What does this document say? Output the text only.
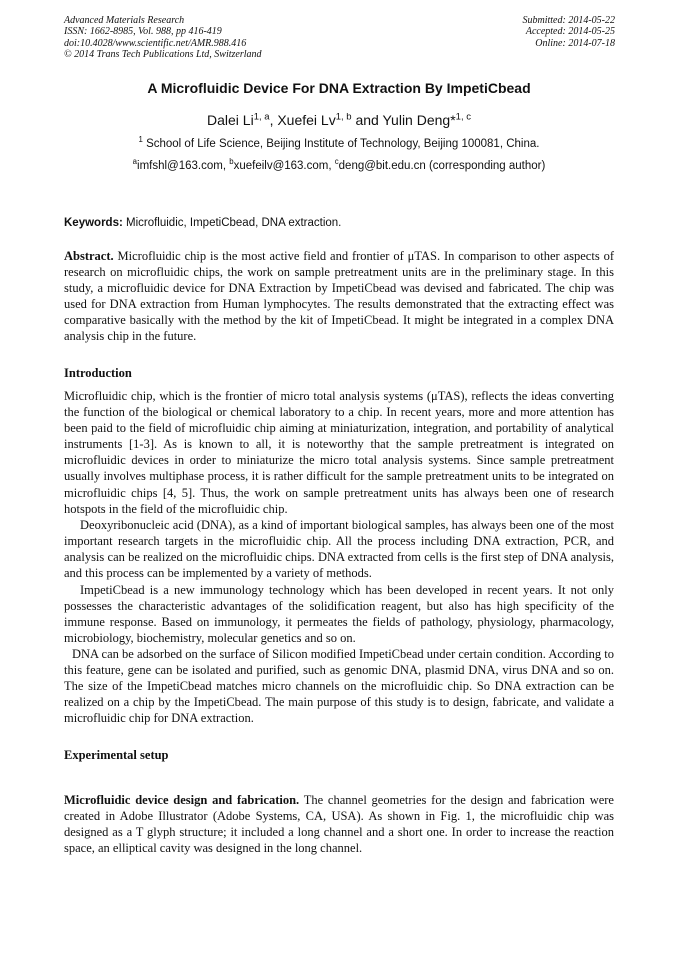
Advanced Materials Research
ISSN: 1662-8985, Vol. 988, pp 416-419
doi:10.4028/www.scientific.net/AMR.988.416
© 2014 Trans Tech Publications Ltd, Switzerland
Submitted: 2014-05-22
Accepted: 2014-05-25
Online: 2014-07-18
A Microfluidic Device For DNA Extraction By ImpetiCbead
Dalei Li$^{1, a}$, Xuefei Lv$^{1, b}$ and Yulin Deng*$^{1, c}$
$^1$ School of Life Science, Beijing Institute of Technology, Beijing 100081, China.
$^a$imfshl@163.com, $^b$xuefeilv@163.com, $^c$deng@bit.edu.cn (corresponding author)
Keywords: Microfluidic, ImpetiCbead, DNA extraction.

Abstract. Microfluidic chip is the most active field and frontier of μTAS. In comparison to other aspects of research on microfluidic chips, the work on sample pretreatment units are in the preliminary stage. In this study, a microfluidic device for DNA Extraction by ImpetiCbead was devised and fabricated. The chip was used for DNA extraction from Human lymphocytes. The results demonstrated that the extracting effect was comparative basically with the method by the kit of ImpetiCbead. It might be integrated in a complex DNA analysis chip in the future.

Introduction

Microfluidic chip, which is the frontier of micro total analysis systems (μTAS), reflects the ideas converting the function of the biological or chemical laboratory to a chip. In recent years, more and more attention has been paid to the field of microfluidic chip aiming at miniaturization, integration, and portability of analytical instruments [1-3]. As is known to all, it is noteworthy that the sample pretreatment is integrated on microfluidic devices in order to miniaturize the micro total analysis systems. Since sample pretreatment usually involves multiphase process, it is rather difficult for the sample pretreatment units to be integrated on microfluidic chips [4, 5]. Thus, the work on sample pretreatment units has always been one of research hotspots in the field of the microfluidic chip.

Deoxyribonucleic acid (DNA), as a kind of important biological samples, has always been one of the most important research targets in the microfluidic chip. All the process including DNA extraction, PCR, and analysis can be realized on the microfluidic chips. DNA extracted from cells is the first step of DNA analysis, and this process can be implemented by a variety of methods.

ImpetiCbead is a new immunology technology which has been developed in recent years. It not only possesses the characteristic advantages of the solidification reagent, but also has high specificity of the immune response. Based on immunology, it permeates the fields of pathology, physiology, pharmacology, microbiology, biochemistry, molecular genetics and so on.

DNA can be adsorbed on the surface of Silicon modified ImpetiCbead under certain condition. According to this feature, gene can be isolated and purified, such as genomic DNA, plasmid DNA, virus DNA and so on. The size of the ImpetiCbead matches micro channels on the microfluidic chip. So DNA extraction can be realized on a chip by the ImpetiCbead. The main purpose of this study is to design, fabricate, and validate a microfluidic chip for DNA extraction.

Experimental setup

Microfluidic device design and fabrication. The channel geometries for the design and fabrication were created in Adobe Illustrator (Adobe Systems, CA, USA). As shown in Fig. 1, the microfluidic chip was designed as a T glyph structure; it included a long channel and a short one. In order to increase the reaction space, an elliptical cavity was designed in the long channel.
